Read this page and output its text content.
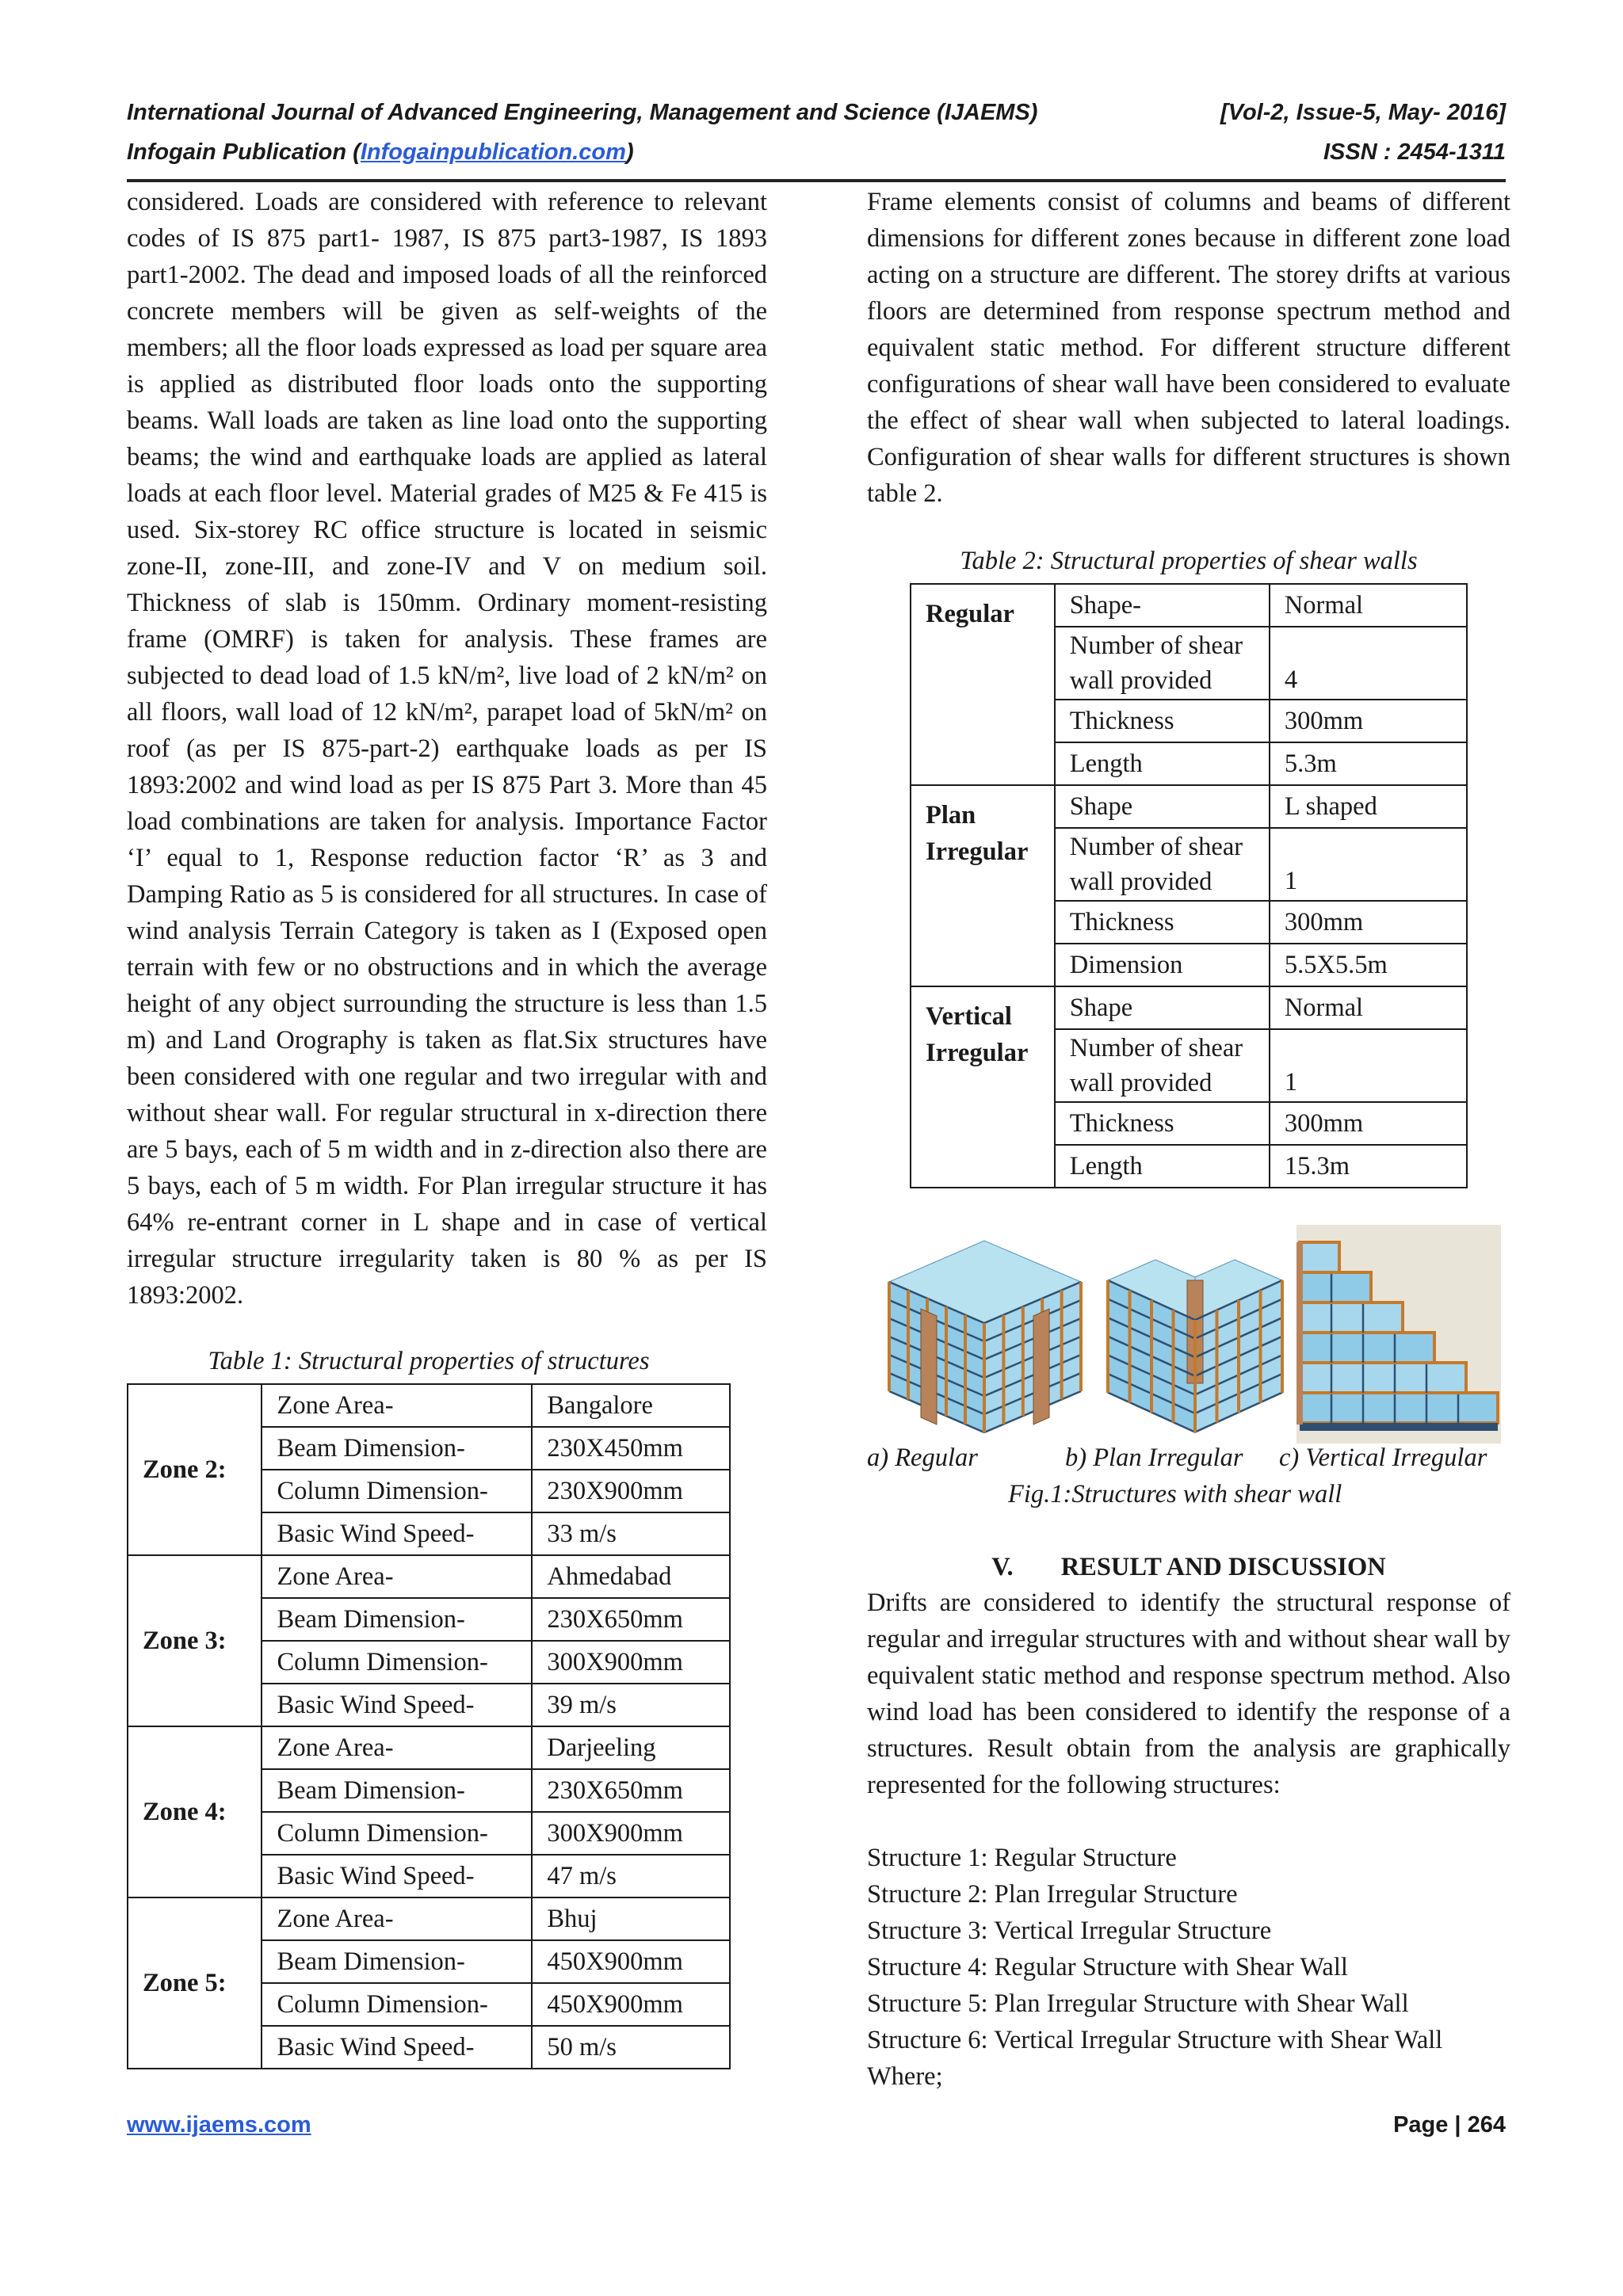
International Journal of Advanced Engineering, Management and Science (IJAEMS)	[Vol-2, Issue-5, May- 2016]
Infogain Publication (Infogainpublication.com)	ISSN : 2454-1311

considered. Loads are considered with reference to relevant codes of IS 875 part1- 1987, IS 875 part3-1987, IS 1893 part1-2002. The dead and imposed loads of all the reinforced concrete members will be given as self-weights of the members; all the floor loads expressed as load per square area is applied as distributed floor loads onto the supporting beams. Wall loads are taken as line load onto the supporting beams; the wind and earthquake loads are applied as lateral loads at each floor level. Material grades of M25 & Fe 415 is used. Six-storey RC office structure is located in seismic zone-II, zone-III, and zone-IV and V on medium soil. Thickness of slab is 150mm. Ordinary moment-resisting frame (OMRF) is taken for analysis. These frames are subjected to dead load of 1.5 kN/m², live load of 2 kN/m² on all floors, wall load of 12 kN/m², parapet load of 5kN/m² on roof (as per IS 875-part-2) earthquake loads as per IS 1893:2002 and wind load as per IS 875 Part 3. More than 45 load combinations are taken for analysis. Importance Factor ‘I’ equal to 1, Response reduction factor ‘R’ as 3 and Damping Ratio as 5 is considered for all structures. In case of wind analysis Terrain Category is taken as I (Exposed open terrain with few or no obstructions and in which the average height of any object surrounding the structure is less than 1.5 m) and Land Orography is taken as flat.Six structures have been considered with one regular and two irregular with and without shear wall. For regular structural in x-direction there are 5 bays, each of 5 m width and in z-direction also there are 5 bays, each of 5 m width. For Plan irregular structure it has 64% re-entrant corner in L shape and in case of vertical irregular structure irregularity taken is 80 % as per IS 1893:2002.

Table 1: Structural properties of structures
Zone 2:	Zone Area-	Bangalore
	Beam Dimension-	230X450mm
	Column Dimension-	230X900mm
	Basic Wind Speed-	33 m/s
Zone 3:	Zone Area-	Ahmedabad
	Beam Dimension-	230X650mm
	Column Dimension-	300X900mm
	Basic Wind Speed-	39 m/s
Zone 4:	Zone Area-	Darjeeling
	Beam Dimension-	230X650mm
	Column Dimension-	300X900mm
	Basic Wind Speed-	47 m/s
Zone 5:	Zone Area-	Bhuj
	Beam Dimension-	450X900mm
	Column Dimension-	450X900mm
	Basic Wind Speed-	50 m/s

Frame elements consist of columns and beams of different dimensions for different zones because in different zone load acting on a structure are different. The storey drifts at various floors are determined from response spectrum method and equivalent static method. For different structure different configurations of shear wall have been considered to evaluate the effect of shear wall when subjected to lateral loadings. Configuration of shear walls for different structures is shown table 2.

Table 2: Structural properties of shear walls
Regular	Shape-	Normal
	Number of shear wall provided	4
	Thickness	300mm
	Length	5.3m
Plan Irregular	Shape	L shaped
	Number of shear wall provided	1
	Thickness	300mm
	Dimension	5.5X5.5m
Vertical Irregular	Shape	Normal
	Number of shear wall provided	1
	Thickness	300mm
	Length	15.3m
a) Regular	b) Plan Irregular c) Vertical Irregular
Fig.1:Structures with shear wall
V. RESULT AND DISCUSSION

Drifts are considered to identify the structural response of regular and irregular structures with and without shear wall by equivalent static method and response spectrum method. Also wind load has been considered to identify the response of a structures. Result obtain from the analysis are graphically represented for the following structures:

Structure 1: Regular Structure
Structure 2: Plan Irregular Structure
Structure 3: Vertical Irregular Structure
Structure 4: Regular Structure with Shear Wall
Structure 5: Plan Irregular Structure with Shear Wall
Structure 6: Vertical Irregular Structure with Shear Wall
Where;
www.ijaems.com	Page | 264
